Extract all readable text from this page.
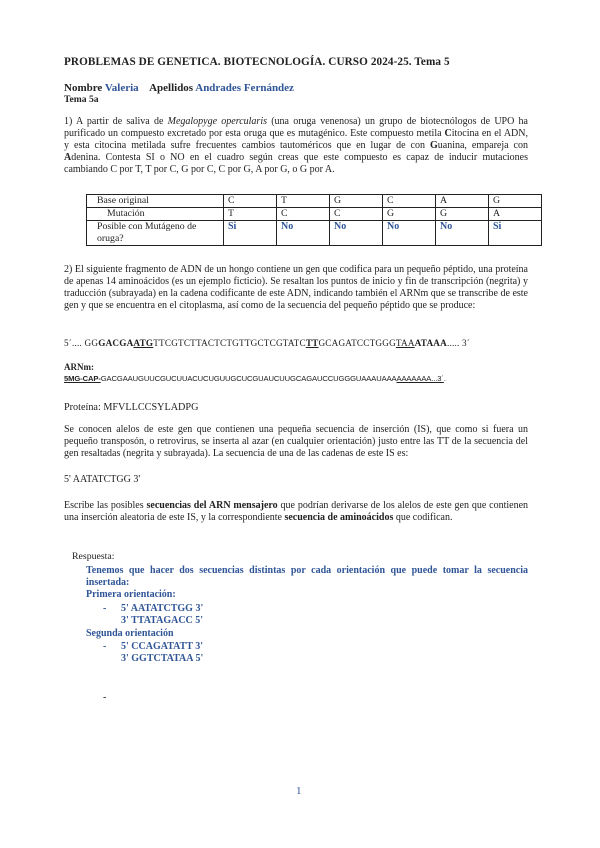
PROBLEMAS DE GENETICA. BIOTECNOLOGÍA. CURSO 2024-25. Tema 5
Nombre Valeria Apellidos Andrades Fernández
Tema 5a
1) A partir de saliva de Megalopyge opercularis (una oruga venenosa) un grupo de biotecnólogos de UPO ha purificado un compuesto excretado por esta oruga que es mutagénico. Este compuesto metila Citocina en el ADN, y esta citocina metilada sufre frecuentes cambios tautoméricos que en lugar de con Guanina, empareja con Adenina. Contesta SI o NO en el cuadro según creas que este compuesto es capaz de inducir mutaciones cambiando C por T, T por C, G por C, C por G, A por G, o G por A.
Base original	C	T	G	C	A	G
Mutación	T	C	C	G	G	A
Posible con Mutágeno de oruga?	Si	No	No	No	No	Si
2) El siguiente fragmento de ADN de un hongo contiene un gen que codifica para un pequeño péptido, una proteína de apenas 14 aminoácidos (es un ejemplo ficticio). Se resaltan los puntos de inicio y fin de transcripción (negrita) y traducción (subrayada) en la cadena codificante de este ADN, indicando también el ARNm que se transcribe de este gen y que se encuentra en el citoplasma, así como de la secuencia del pequeño péptido que se produce:
5´.... GGGACGAATGTTCGTCTTACTCTGTTGCTCGTATCTTGCAGATCCTGGGTAAATAAA..... 3´
ARNm:
5MG-CAP-GACGAAUGUUCGUCUUACUCUGUUGCUCGUAUCUUGCAGAUCCUGGGUAAAUAAAAAAAAAA...3´.
Proteína: MFVLLCCSYLADPG
Se conocen alelos de este gen que contienen una pequeña secuencia de inserción (IS), que como si fuera un pequeño transposón, o retrovirus, se inserta al azar (en cualquier orientación) justo entre las TT de la secuencia del gen resaltadas (negrita y subrayada). La secuencia de una de las cadenas de este IS es:
5' AATATCTGG 3'
Escribe las posibles secuencias del ARN mensajero que podrían derivarse de los alelos de este gen que contienen una inserción aleatoria de este IS, y la correspondiente secuencia de aminoácidos que codifican.
Respuesta:
Tenemos que hacer dos secuencias distintas por cada orientación que puede tomar la secuencia insertada:
Primera orientación:
- 5' AATATCTGG 3'
3' TTATAGACC 5'
Segunda orientación
- 5' CCAGATATT 3'
3' GGTCTATAA 5'
-
1
